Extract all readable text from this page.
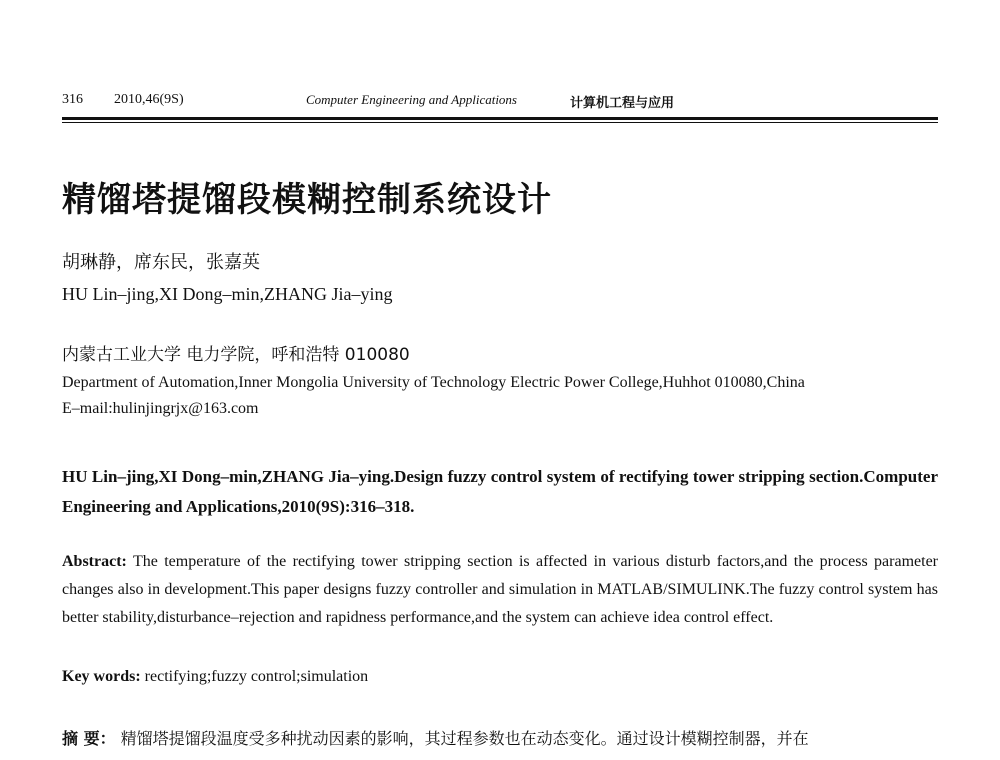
316 2010,46(9S)	Computer Engineering and Applications	计算机工程与应用
精馏塔提馏段模糊控制系统设计
胡琳静，席东民，张嘉英
HU Lin–jing,XI Dong–min,ZHANG Jia–ying
内蒙古工业大学 电力学院，呼和浩特 010080
Department of Automation,Inner Mongolia University of Technology Electric Power College,Huhhot 010080,China
E–mail:hulinjingrjx@163.com
HU Lin–jing,XI Dong–min,ZHANG Jia–ying.Design fuzzy control system of rectifying tower stripping section.Computer Engineering and Applications,2010(9S):316–318.
Abstract: The temperature of the rectifying tower stripping section is affected in various disturb factors,and the process parameter changes also in development.This paper designs fuzzy controller and simulation in MATLAB/SIMULINK.The fuzzy control system has better stability,disturbance–rejection and rapidness performance,and the system can achieve idea control effect.
Key words: rectifying;fuzzy control;simulation
摘 要： 精馏塔提馏段温度受多种扰动因素的影响，其过程参数也在动态变化。通过设计模糊控制器，并在
